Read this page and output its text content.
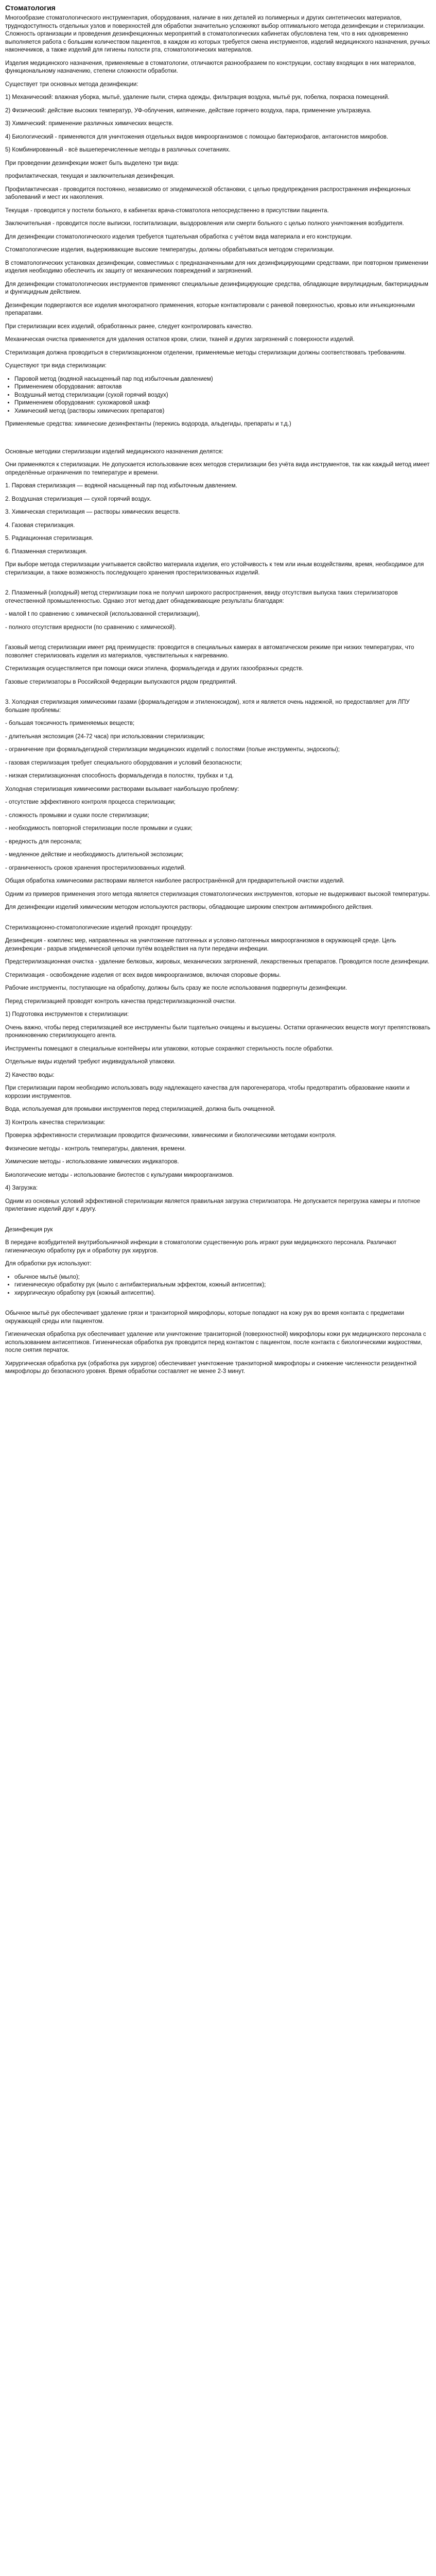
Стоматология
Многообразие стоматологического инструментария, оборудования, наличие в них деталей из полимерных и других синтетических материалов, труднодоступность отдельных узлов и поверхностей для обработки значительно усложняют выбор оптимального метода дезинфекции и стерилизации. Сложность организации и проведения дезинфекционных мероприятий в стоматологических кабинетах обусловлена тем, что в них одновременно выполняется работа с большим количеством пациентов, в каждом из которых требуется смена инструментов, изделий медицинского назначения, ручных наконечников, а также изделий для гигиены полости рта, стоматологических материалов.
Изделия медицинского назначения, применяемые в стоматологии, отличаются разнообразием по конструкции, составу входящих в них материалов, функциональному назначению, степени сложности обработки.
Существует три основных метода дезинфекции:
1) Механический: влажная уборка, мытьё, удаление пыли, стирка одежды, фильтрация воздуха, мытьё рук, побелка, покраска помещений.
2) Физический: действие высоких температур, УФ-облучения, кипячение, действие горячего воздуха, пара, применение ультразвука.
3) Химический: применение различных химических веществ.
4) Биологический - применяются для уничтожения отдельных видов микроорганизмов с помощью бактериофагов, антагонистов микробов.
5) Комбинированный - всё вышеперечисленные методы в различных сочетаниях.
При проведении дезинфекции может быть выделено три вида:
профилактическая, текущая и заключительная дезинфекция.
Профилактическая - проводится постоянно, независимо от эпидемической обстановки, с целью предупреждения распространения инфекционных заболеваний и мест их накопления.
Текущая - проводится у постели больного, в кабинетах врача-стоматолога непосредственно в присутствии пациента.
Заключительная - проводится после выписки, госпитализации, выздоровления или смерти больного с целью полного уничтожения возбудителя.
Для дезинфекции стоматологического изделия требуется тщательная обработка с учётом вида материала и его конструкции.
Стоматологические изделия, выдерживающие высокие температуры, должны обрабатываться методом стерилизации.
В стоматологических установках дезинфекции, совместимых с предназначенными для них дезинфицирующими средствами, при повторном применении изделия необходимо обеспечить их защиту от механических повреждений и загрязнений.
Для дезинфекции стоматологических инструментов применяют специальные дезинфицирующие средства, обладающие вирулицидным, бактерицидным и фунгицидным действием.
Дезинфекции подвергаются все изделия многократного применения, которые контактировали с раневой поверхностью, кровью или инъекционными препаратами.
При стерилизации всех изделий, обработанных ранее, следует контролировать качество.
Механическая очистка применяется для удаления остатков крови, слизи, тканей и других загрязнений с поверхности изделий.
Стерилизация должна проводиться в стерилизационном отделении, применяемые методы стерилизации должны соответствовать требованиям.
Существуют три вида стерилизации:
• Паровой метод (водяной насыщенный пар под избыточным давлением)
• Применением оборудования: автоклав
• Воздушный метод стерилизации (сухой горячий воздух)
• Применением оборудования: сухожаровой шкаф
• Химический метод (растворы химических препаратов)
Применяемые средства: химические дезинфектанты (перекись водорода, альдегиды, препараты и т.д.)
Основные методики стерилизации изделий медицинского назначения делятся:
Они применяются к стерилизации. Не допускается использование всех методов стерилизации без учёта вида инструментов, так как каждый метод имеет определённые ограничения по температуре и времени.
1. Паровая стерилизация — водяной насыщенный пар под избыточным давлением.
2. Воздушная стерилизация — сухой горячий воздух.
3. Химическая стерилизация — растворы химических веществ.
4. Газовая стерилизация.
5. Радиационная стерилизация.
6. Плазменная стерилизация.
При выборе метода стерилизации учитывается свойство материала изделия, его устойчивость к тем или иным воздействиям, время, необходимое для стерилизации, а также возможность последующего хранения простерилизованных изделий.
2. Плазменный (холодный) метод стерилизации пока не получил широкого распространения, ввиду отсутствия выпуска таких стерилизаторов отечественной промышленностью. Однако этот метод дает обнадеживающие результаты благодаря:
- малой t по сравнению с химической (использованной стерилизации),
- полного отсутствия вредности (по сравнению с химической).
Газовый метод стерилизации имеет ряд преимуществ: проводится в специальных камерах в автоматическом режиме при низких температурах, что позволяет стерилизовать изделия из материалов, чувствительных к нагреванию.
Стерилизация осуществляется при помощи окиси этилена, формальдегида и других газообразных средств.
Газовые стерилизаторы в Российской Федерации выпускаются рядом предприятий.
3. Холодная стерилизация химическими газами (формальдегидом и этиленоксидом), хотя и является очень надежной, но предоставляет для ЛПУ большие проблемы:
- большая токсичность применяемых веществ;
- длительная экспозиция (24-72 часа) при использовании стерилизации;
- ограничение при формальдегидной стерилизации медицинских изделий с полостями (полые инструменты, эндоскопы);
- газовая стерилизация требует специального оборудования и условий безопасности;
- низкая стерилизационная способность формальдегида в полостях, трубках и т.д.
Холодная стерилизация химическими растворами вызывает наибольшую проблему:
- отсутствие эффективного контроля процесса стерилизации;
- сложность промывки и сушки после стерилизации;
- необходимость повторной стерилизации после промывки и сушки;
- вредность для персонала;
- медленное действие и необходимость длительной экспозиции;
- ограниченность сроков хранения простерилизованных изделий.
Общая обработка химическими растворами является наиболее распространённой для предварительной очистки изделий.
Одним из примеров применения этого метода является стерилизация стоматологических инструментов, которые не выдерживают высокой температуры.
Для дезинфекции изделий химическим методом используются растворы, обладающие широким спектром антимикробного действия.
Стерилизационно-стоматологические изделий проходят процедуру:
Дезинфекция - комплекс мер, направленных на уничтожение патогенных и условно-патогенных микроорганизмов в окружающей среде. Цель дезинфекции - разрыв эпидемической цепочки путём воздействия на пути передачи инфекции.
Предстерилизационная очистка - удаление белковых, жировых, механических загрязнений, лекарственных препаратов. Проводится после дезинфекции.
Стерилизация - освобождение изделия от всех видов микроорганизмов, включая споровые формы.
Рабочие инструменты, поступающие на обработку, должны быть сразу же после использования подвергнуты дезинфекции.
Перед стерилизацией проводят контроль качества предстерилизационной очистки.
1) Подготовка инструментов к стерилизации:
Очень важно, чтобы перед стерилизацией все инструменты были тщательно очищены и высушены. Остатки органических веществ могут препятствовать проникновению стерилизующего агента.
Инструменты помещают в специальные контейнеры или упаковки, которые сохраняют стерильность после обработки.
Отдельные виды изделий требуют индивидуальной упаковки.
2) Качество воды:
При стерилизации паром необходимо использовать воду надлежащего качества для парогенератора, чтобы предотвратить образование накипи и коррозии инструментов.
Вода, используемая для промывки инструментов перед стерилизацией, должна быть очищенной.
3) Контроль качества стерилизации:
Проверка эффективности стерилизации проводится физическими, химическими и биологическими методами контроля.
Физические методы - контроль температуры, давления, времени.
Химические методы - использование химических индикаторов.
Биологические методы - использование биотестов с культурами микроорганизмов.
4) Загрузка:
Одним из основных условий эффективной стерилизации является правильная загрузка стерилизатора. Не допускается перегрузка камеры и плотное прилегание изделий друг к другу.
Дезинфекция рук
В передаче возбудителей внутрибольничной инфекции в стоматологии существенную роль играют руки медицинского персонала. Различают гигиеническую обработку рук и обработку рук хирургов.
Для обработки рук используют:
• обычное мытьё (мыло);
• гигиеническую обработку рук (мыло с антибактериальным эффектом, кожный антисептик);
• хирургическую обработку рук (кожный антисептик).
Обычное мытьё рук обеспечивает удаление грязи и транзиторной микрофлоры, которые попадают на кожу рук во время контакта с предметами окружающей среды или пациентом.
Гигиеническая обработка рук обеспечивает удаление или уничтожение транзиторной (поверхностной) микрофлоры кожи рук медицинского персонала с использованием антисептиков. Гигиеническая обработка рук проводится перед контактом с пациентом, после контакта с биологическими жидкостями, после снятия перчаток.
Хирургическая обработка рук (обработка рук хирургов) обеспечивает уничтожение транзиторной микрофлоры и снижение численности резидентной микрофлоры до безопасного уровня. Время обработки составляет не менее 2-3 минут.
